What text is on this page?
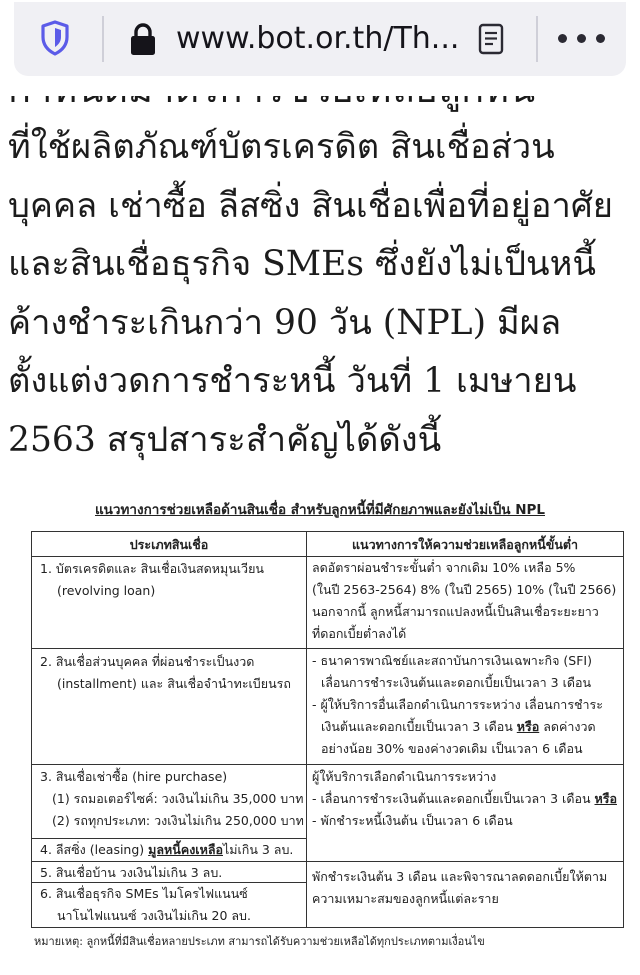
www.bot.or.th/Th...
ที่ใช้ผลิตภัณฑ์บัตรเครดิต สินเชื่อส่วน
บุคคล เช่าซื้อ ลีสซิ่ง สินเชื่อเพื่อที่อยู่อาศัย
และสินเชื่อธุรกิจ SMEs ซึ่งยังไม่เป็นหนี้
ค้างชำระเกินกว่า 90 วัน (NPL) มีผล
ตั้งแต่งวดการชำระหนี้ วันที่ 1 เมษายน
2563 สรุปสาระสำคัญได้ดังนี้
แนวทางการช่วยเหลือด้านสินเชื่อ สำหรับลูกหนี้ที่มีศักยภาพและยังไม่เป็น NPL
ประเภทสินเชื่อ	แนวทางการให้ความช่วยเหลือลูกหนี้ขั้นต่ำ
1. บัตรเครดิตและ สินเชื่อเงินสดหมุนเวียน
(revolving loan)
ลดอัตราผ่อนชำระขั้นต่ำ จากเดิม 10% เหลือ 5%
(ในปี 2563-2564) 8% (ในปี 2565) 10% (ในปี 2566)
นอกจากนี้ ลูกหนี้สามารถแปลงหนี้เป็นสินเชื่อระยะยาว
ที่ดอกเบี้ยต่ำลงได้
2. สินเชื่อส่วนบุคคล ที่ผ่อนชำระเป็นงวด
(installment) และ สินเชื่อจำนำทะเบียนรถ
- ธนาคารพาณิชย์และสถาบันการเงินเฉพาะกิจ (SFI)
เลื่อนการชำระเงินต้นและดอกเบี้ยเป็นเวลา 3 เดือน
- ผู้ให้บริการอื่นเลือกดำเนินการระหว่าง เลื่อนการชำระ
เงินต้นและดอกเบี้ยเป็นเวลา 3 เดือน หรือ ลดค่างวด
อย่างน้อย 30% ของค่างวดเดิม เป็นเวลา 6 เดือน
3. สินเชื่อเช่าซื้อ (hire purchase)
(1) รถมอเตอร์ไซค์: วงเงินไม่เกิน 35,000 บาท
(2) รถทุกประเภท: วงเงินไม่เกิน 250,000 บาท
ผู้ให้บริการเลือกดำเนินการระหว่าง
- เลื่อนการชำระเงินต้นและดอกเบี้ยเป็นเวลา 3 เดือน หรือ
- พักชำระหนี้เงินต้น เป็นเวลา 6 เดือน
4. ลีสซิ่ง (leasing) มูลหนี้คงเหลือไม่เกิน 3 ลบ.
5. สินเชื่อบ้าน วงเงินไม่เกิน 3 ลบ.	พักชำระเงินต้น 3 เดือน และพิจารณาลดดอกเบี้ยให้ตาม
ความเหมาะสมของลูกหนี้แต่ละราย
6. สินเชื่อธุรกิจ SMEs ไมโครไฟแนนซ์
นาโนไฟแนนซ์ วงเงินไม่เกิน 20 ลบ.
หมายเหตุ: ลูกหนี้ที่มีสินเชื่อหลายประเภท สามารถได้รับความช่วยเหลือได้ทุกประเภทตามเงื่อนไข
